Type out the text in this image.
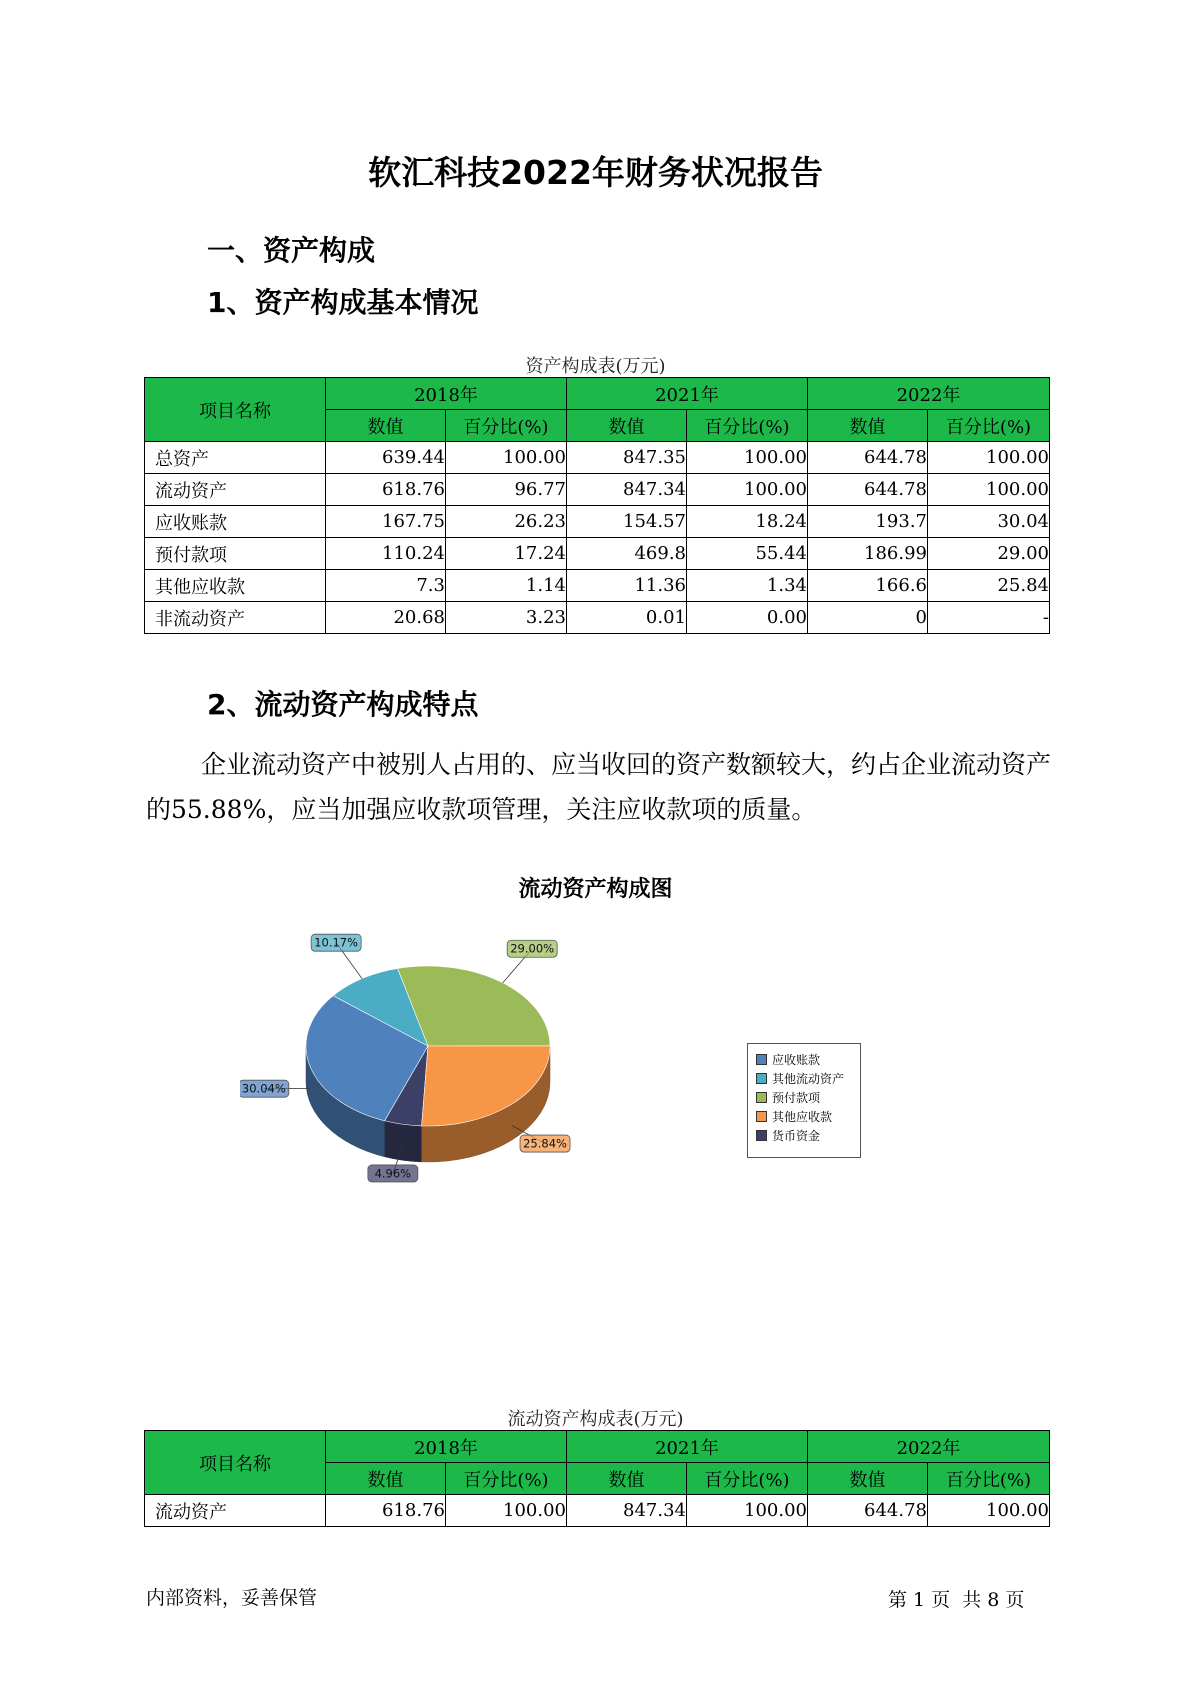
软汇科技2022年财务状况报告
一、资产构成
1、资产构成基本情况
资产构成表(万元)
项目名称	2018年		2021年		2022年	
	数值	百分比(%)	数值	百分比(%)	数值	百分比(%)
总资产	639.44	100.00	847.35	100.00	644.78	100.00
流动资产	618.76	96.77	847.34	100.00	644.78	100.00
应收账款	167.75	26.23	154.57	18.24	193.7	30.04
预付款项	110.24	17.24	469.8	55.44	186.99	29.00
其他应收款	7.3	1.14	11.36	1.34	166.6	25.84
非流动资产	20.68	3.23	0.01	0.00	0	-
2、流动资产构成特点
企业流动资产中被别人占用的、应当收回的资产数额较大，约占企业流动资产的55.88%，应当加强应收款项管理，关注应收款项的质量。
流动资产构成图
4.96%
30.04%
10.17%	29.00%
25.84%
应收账款
其他流动资产
预付款项
其他应收款
货币资金
流动资产构成表(万元)
项目名称	2018年		2021年		2022年	
	数值	百分比(%)	数值	百分比(%)	数值	百分比(%)
流动资产	618.76	100.00	847.34	100.00	644.78	100.00
内部资料，妥善保管	第 1 页  共 8 页
